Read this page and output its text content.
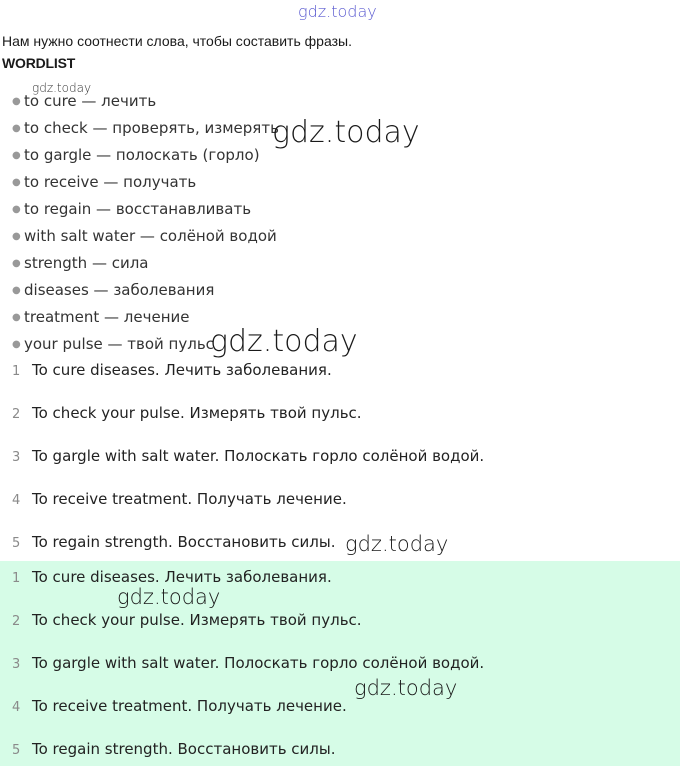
gdz.today
Нам нужно соотнести слова, чтобы составить фразы.
WORDLIST
● to cure — лечить
● to check — проверять, измерять
● to gargle — полоскать (горло)
● to receive — получать
● to regain — восстанавливать
● with salt water — солёной водой
● strength — сила
● diseases — заболевания
● treatment — лечение
● your pulse — твой пульс
1 To cure diseases. Лечить заболевания.
2 To check your pulse. Измерять твой пульс.
3 To gargle with salt water. Полоскать горло солёной водой.
4 To receive treatment. Получать лечение.
5 To regain strength. Восстановить силы.
1 To cure diseases. Лечить заболевания.
2 To check your pulse. Измерять твой пульс.
3 To gargle with salt water. Полоскать горло солёной водой.
4 To receive treatment. Получать лечение.
5 To regain strength. Восстановить силы.
gdz.today
gdz.today
gdz.today
gdz.today
gdz.today
gdz.today
